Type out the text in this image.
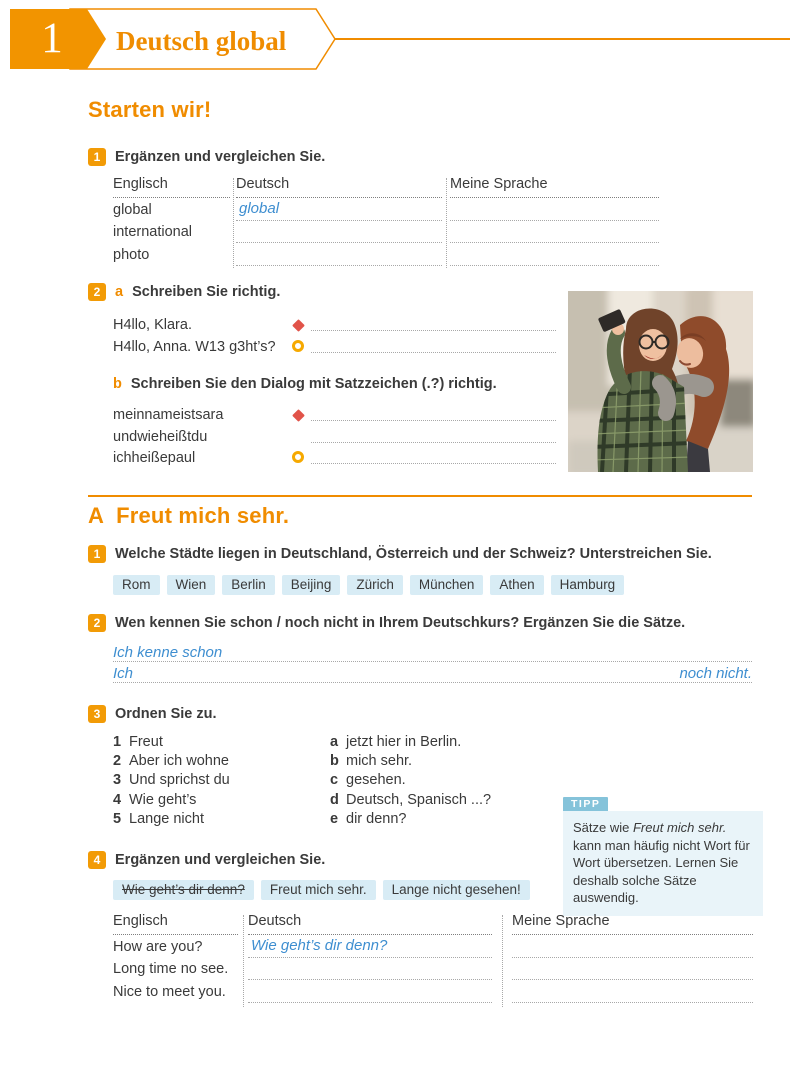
1	Deutsch global
Starten wir!
1	Ergänzen und vergleichen Sie.
Englisch	Deutsch	Meine Sprache
global	global
international
photo
2	a Schreiben Sie richtig.
H4llo, Klara.
H4llo, Anna. W13 g3ht’s?
b Schreiben Sie den Dialog mit Satzzeichen (.?) richtig.
meinnameistsara
undwieheißtdu
ichheißepaul
A Freut mich sehr.
1	Welche Städte liegen in Deutschland, Österreich und der Schweiz? Unterstreichen Sie.
Rom	Wien	Berlin	Beijing	Zürich	München	Athen	Hamburg
2	Wen kennen Sie schon / noch nicht in Ihrem Deutschkurs? Ergänzen Sie die Sätze.
Ich kenne schon
Ich	noch nicht.
3	Ordnen Sie zu.
1 Freut
2 Aber ich wohne
3 Und sprichst du
4 Wie geht’s
5 Lange nicht
a jetzt hier in Berlin.
b mich sehr.
c gesehen.
d Deutsch, Spanisch ...?
e dir denn?
TIPP
Sätze wie Freut mich sehr. kann man häufig nicht Wort für Wort übersetzen. Lernen Sie deshalb solche Sätze auswendig.
4	Ergänzen und vergleichen Sie.
Wie geht’s dir denn?	Freut mich sehr.	Lange nicht gesehen!
Englisch	Deutsch	Meine Sprache
How are you?	Wie geht’s dir denn?
Long time no see.
Nice to meet you.
